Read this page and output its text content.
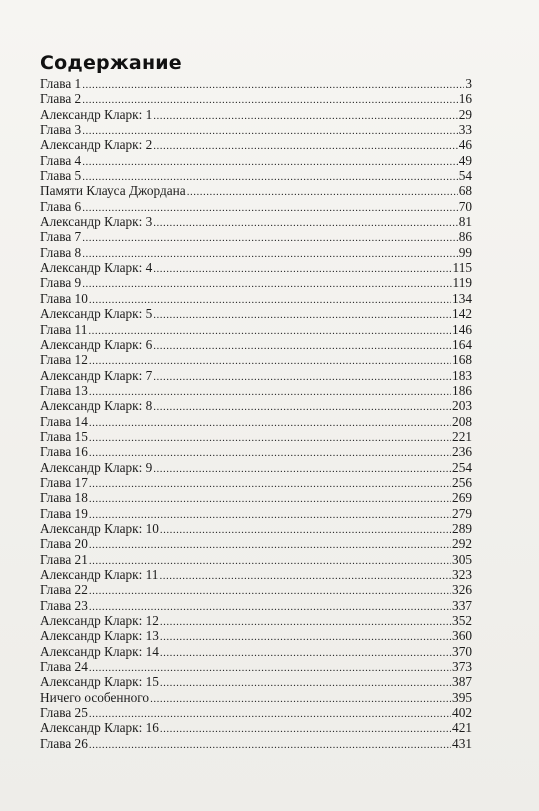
Содержание
Глава 1 .....	3
Глава 2 .....	16
Александр Кларк: 1 .....	29
Глава 3 .....	33
Александр Кларк: 2 .....	46
Глава 4 .....	49
Глава 5 .....	54
Памяти Клауса Джордана .....	68
Глава 6 .....	70
Александр Кларк: 3 .....	81
Глава 7 .....	86
Глава 8 .....	99
Александр Кларк: 4 .....	115
Глава 9 .....	119
Глава 10 .....	134
Александр Кларк: 5 .....	142
Глава 11 .....	146
Александр Кларк: 6 .....	164
Глава 12 .....	168
Александр Кларк: 7 .....	183
Глава 13 .....	186
Александр Кларк: 8 .....	203
Глава 14 .....	208
Глава 15 .....	221
Глава 16 .....	236
Александр Кларк: 9 .....	254
Глава 17 .....	256
Глава 18 .....	269
Глава 19 .....	279
Александр Кларк: 10 .....	289
Глава 20 .....	292
Глава 21 .....	305
Александр Кларк: 11 .....	323
Глава 22 .....	326
Глава 23 .....	337
Александр Кларк: 12 .....	352
Александр Кларк: 13 .....	360
Александр Кларк: 14 .....	370
Глава 24 .....	373
Александр Кларк: 15 .....	387
Ничего особенного .....	395
Глава 25 .....	402
Александр Кларк: 16 .....	421
Глава 26 .....	431
